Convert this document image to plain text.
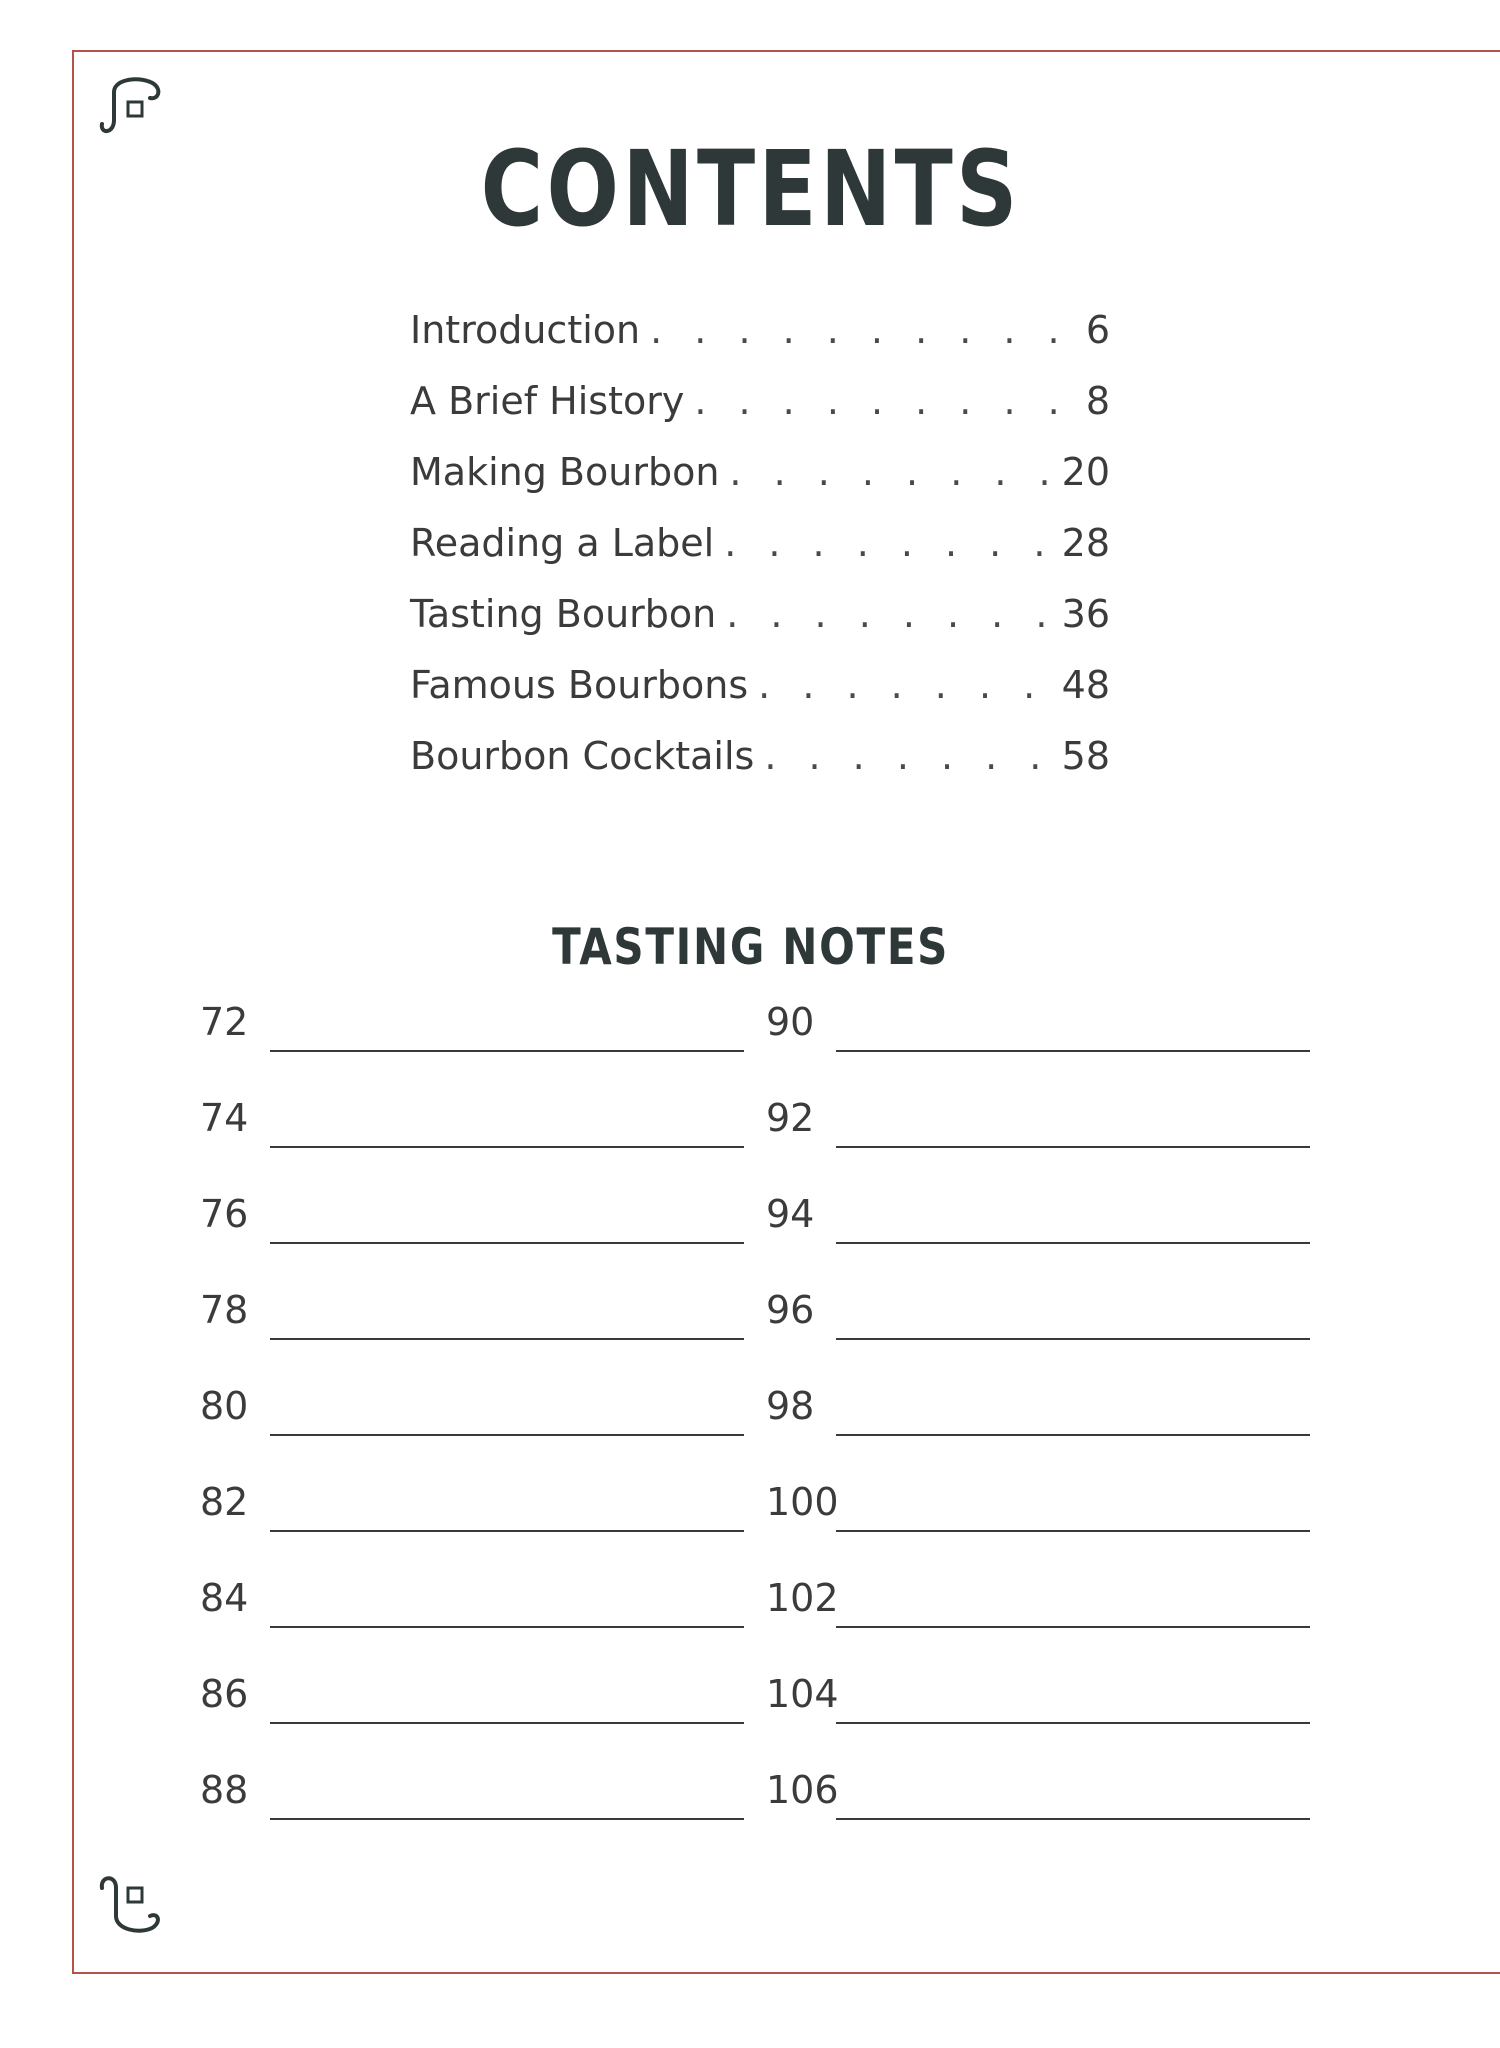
CONTENTS
Introduction . . .	6
A Brief History . . .	8
Making Bourbon . . .	20
Reading a Label . . .	28
Tasting Bourbon . . .	36
Famous Bourbons . . .	48
Bourbon Cocktails . . .	58
TASTING NOTES
72
74
76
78
80
82
84
86
88
90
92
94
96
98
100
102
104
106
